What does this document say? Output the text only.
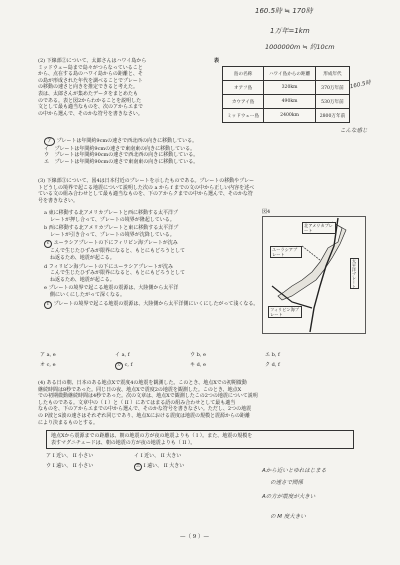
160.5時 ≒ 170時
1万年=1km
1000000m ≒ 約10cm
160.5時
こんな感じ
(2) 下線部②について、太郎さんはハワイ島から
ミッドウェー島まで島々がつらなっていること
から、点在する島のハワイ島からの距離と、そ
の島が形成された年代を調べることでプレート
の移動の速さと向きを推定できると考えた。
表は、太郎さんが集めたデータをまとめたも
のである。表と図2からわかることを説明した
文として最も適当なものを、次のアからエまで
の中から選んで、そのかな符号を書きなさい。
表
島の名称	ハワイ島からの距離	形成年代
オアフ島	320km	370万年前
カウアイ島	490km	530万年前
ミッドウェー島	2400km	2800万年前
ア プレートは年間約9cmの速さで西北西の向きに移動している。
イ プレートは年間約9cmの速さで東南東の向きに移動している。
ウ プレートは年間約90cmの速さで西北西の向きに移動している。
エ プレートは年間約90cmの速さで東南東の向きに移動している。
(3) 下線部③について、図4は日本付近のプレートを示したものである。プレートの移動やプレー
トどうしの境界で起こる地震について説明した次の a から f までの文の中から正しい内容を述べ
ている文の組み合わせとして最も適当なものを、下のアからクまでの中から選んで、そのかな符
号を書きなさい。
a 東に移動する北アメリカプレートと西に移動する太平洋プ
レートが押し合って、プレートの境界が隆起している。
b 西に移動する北アメリカプレートと東に移動する太平洋プ
レートが引き合って、プレートの境界が沈降している。
c ユーラシアプレートの下にフィリピン海プレートが沈み
こんで生じたひずみが限界になると、もとにもどろうとして
ね返るため、地震が起こる。
d フィリピン海プレートの下にユーラシアプレートが沈み
こんで生じたひずみが限界になると、もとにもどろうとして
ね返るため、地震が起こる。
e プレートの境界で起こる地震の震源は、大陸側から太平洋
側にいくにしたがって深くなる。
f プレートの境界で起こる地震の震源は、大陸側から太平洋側にいくにしたがって浅くなる。
図4
北アメリカプレート
ユーラシアプレート
太平洋プレート
フィリピン海プレート
ア a, e	イ a, f	ウ b, e	エ b, f
オ c, e	カ c, f	キ d, e	ク d, f
(4) ある日の朝、日本のある地点Xで震度4の地震を観測した。このとき、地点Xでの初期微動
継続時間は8秒であった。同じ日の夜、地点Xで震度2の地震を観測した。このとき、地点X
での初期微動継続時間は4秒であった。次の文章は、地点Xで観測したこの2つの地震について説明
したものである。文章中の（ I ）と（ II ）にあてはまる語の組み合わせとして最も適当
なものを、下のアからエまでの中から選んで、そのかな符号を書きなさい。ただし、2つの地震
の P波とS波の速さはそれぞれ同じであり、地点Xにおける震度は地震の規模と震源からの距離
により決まるものとする。
地点Xから震源までの距離は、朝の地震の方が夜の地震よりも（ I ）。また、地震の規模を
表すマグニチュードは、朝の地震の方が夜の地震よりも（ II ）。
ア I 近い、 II 小さい	イ I 近い、 II 大きい
ウ I 遠い、 II 小さい	エ I 遠い、 II 大きい
Aから近いとゆれはじまる
の速さで関係
Aの方が震度が大きい
の M 度大きい
—（ 9 ）—
